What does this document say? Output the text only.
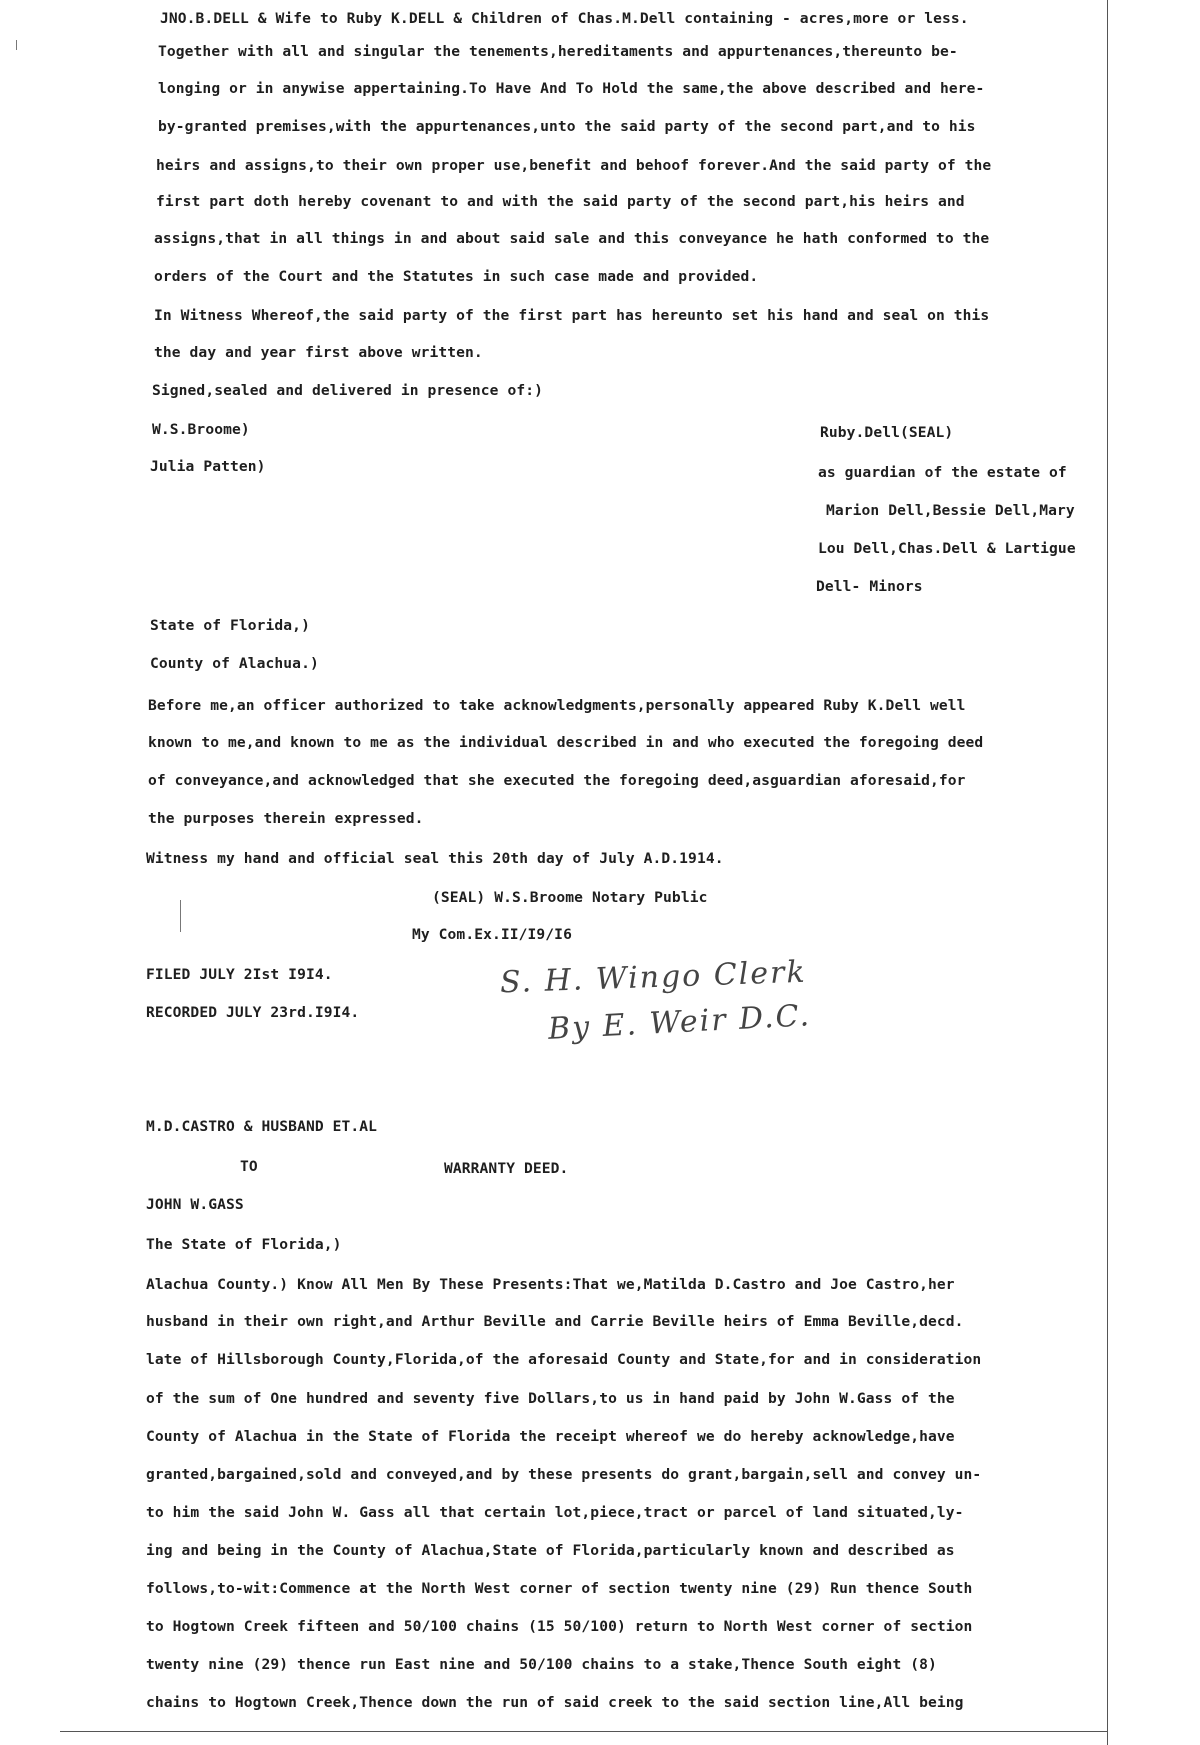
JNO.B.DELL & Wife to Ruby K.DELL & Children of Chas.M.Dell containing - acres,more or less.
Together with all and singular the tenements,hereditaments and appurtenances,thereunto be-
longing or in anywise appertaining.To Have And To Hold the same,the above described and here-
by-granted premises,with the appurtenances,unto the said party of the second part,and to his
heirs and assigns,to their own proper use,benefit and behoof forever.And the said party of the
first part doth hereby covenant to and with the said party of the second part,his heirs and
assigns,that in all things in and about said sale and this conveyance he hath conformed to the
orders of the Court and the Statutes in such case made and provided.
In Witness Whereof,the said party of the first part has hereunto set his hand and seal on this
the day and year first above written.
Signed,sealed and delivered in presence of:)
W.S.Broome)
Julia Patten)
Ruby.Dell(SEAL)
as guardian of the estate of
Marion Dell,Bessie Dell,Mary
Lou Dell,Chas.Dell & Lartigue
Dell- Minors
State of Florida,)
County of Alachua.)
Before me,an officer authorized to take acknowledgments,personally appeared Ruby K.Dell well
known to me,and known to me as the individual described in and who executed the foregoing deed
of conveyance,and acknowledged that she executed the foregoing deed,asguardian aforesaid,for
the purposes therein expressed.
Witness my hand and official seal this 20th day of July A.D.1914.
(SEAL) W.S.Broome Notary Public
My Com.Ex.II/I9/I6
FILED JULY 2Ist I9I4.
RECORDED JULY 23rd.I9I4.
S. H. Wingo Clerk
By E. Weir D.C.
M.D.CASTRO & HUSBAND ET.AL
TO	WARRANTY DEED.
JOHN W.GASS
The State of Florida,)
Alachua County.) Know All Men By These Presents:That we,Matilda D.Castro and Joe Castro,her
husband in their own right,and Arthur Beville and Carrie Beville heirs of Emma Beville,decd.
late of Hillsborough County,Florida,of the aforesaid County and State,for and in consideration
of the sum of One hundred and seventy five Dollars,to us in hand paid by John W.Gass of the
County of Alachua in the State of Florida the receipt whereof we do hereby acknowledge,have
granted,bargained,sold and conveyed,and by these presents do grant,bargain,sell and convey un-
to him the said John W. Gass all that certain lot,piece,tract or parcel of land situated,ly-
ing and being in the County of Alachua,State of Florida,particularly known and described as
follows,to-wit:Commence at the North West corner of section twenty nine (29) Run thence South
to Hogtown Creek fifteen and 50/100 chains (15 50/100) return to North West corner of section
twenty nine (29) thence run East nine and 50/100 chains to a stake,Thence South eight (8)
chains to Hogtown Creek,Thence down the run of said creek to the said section line,All being
